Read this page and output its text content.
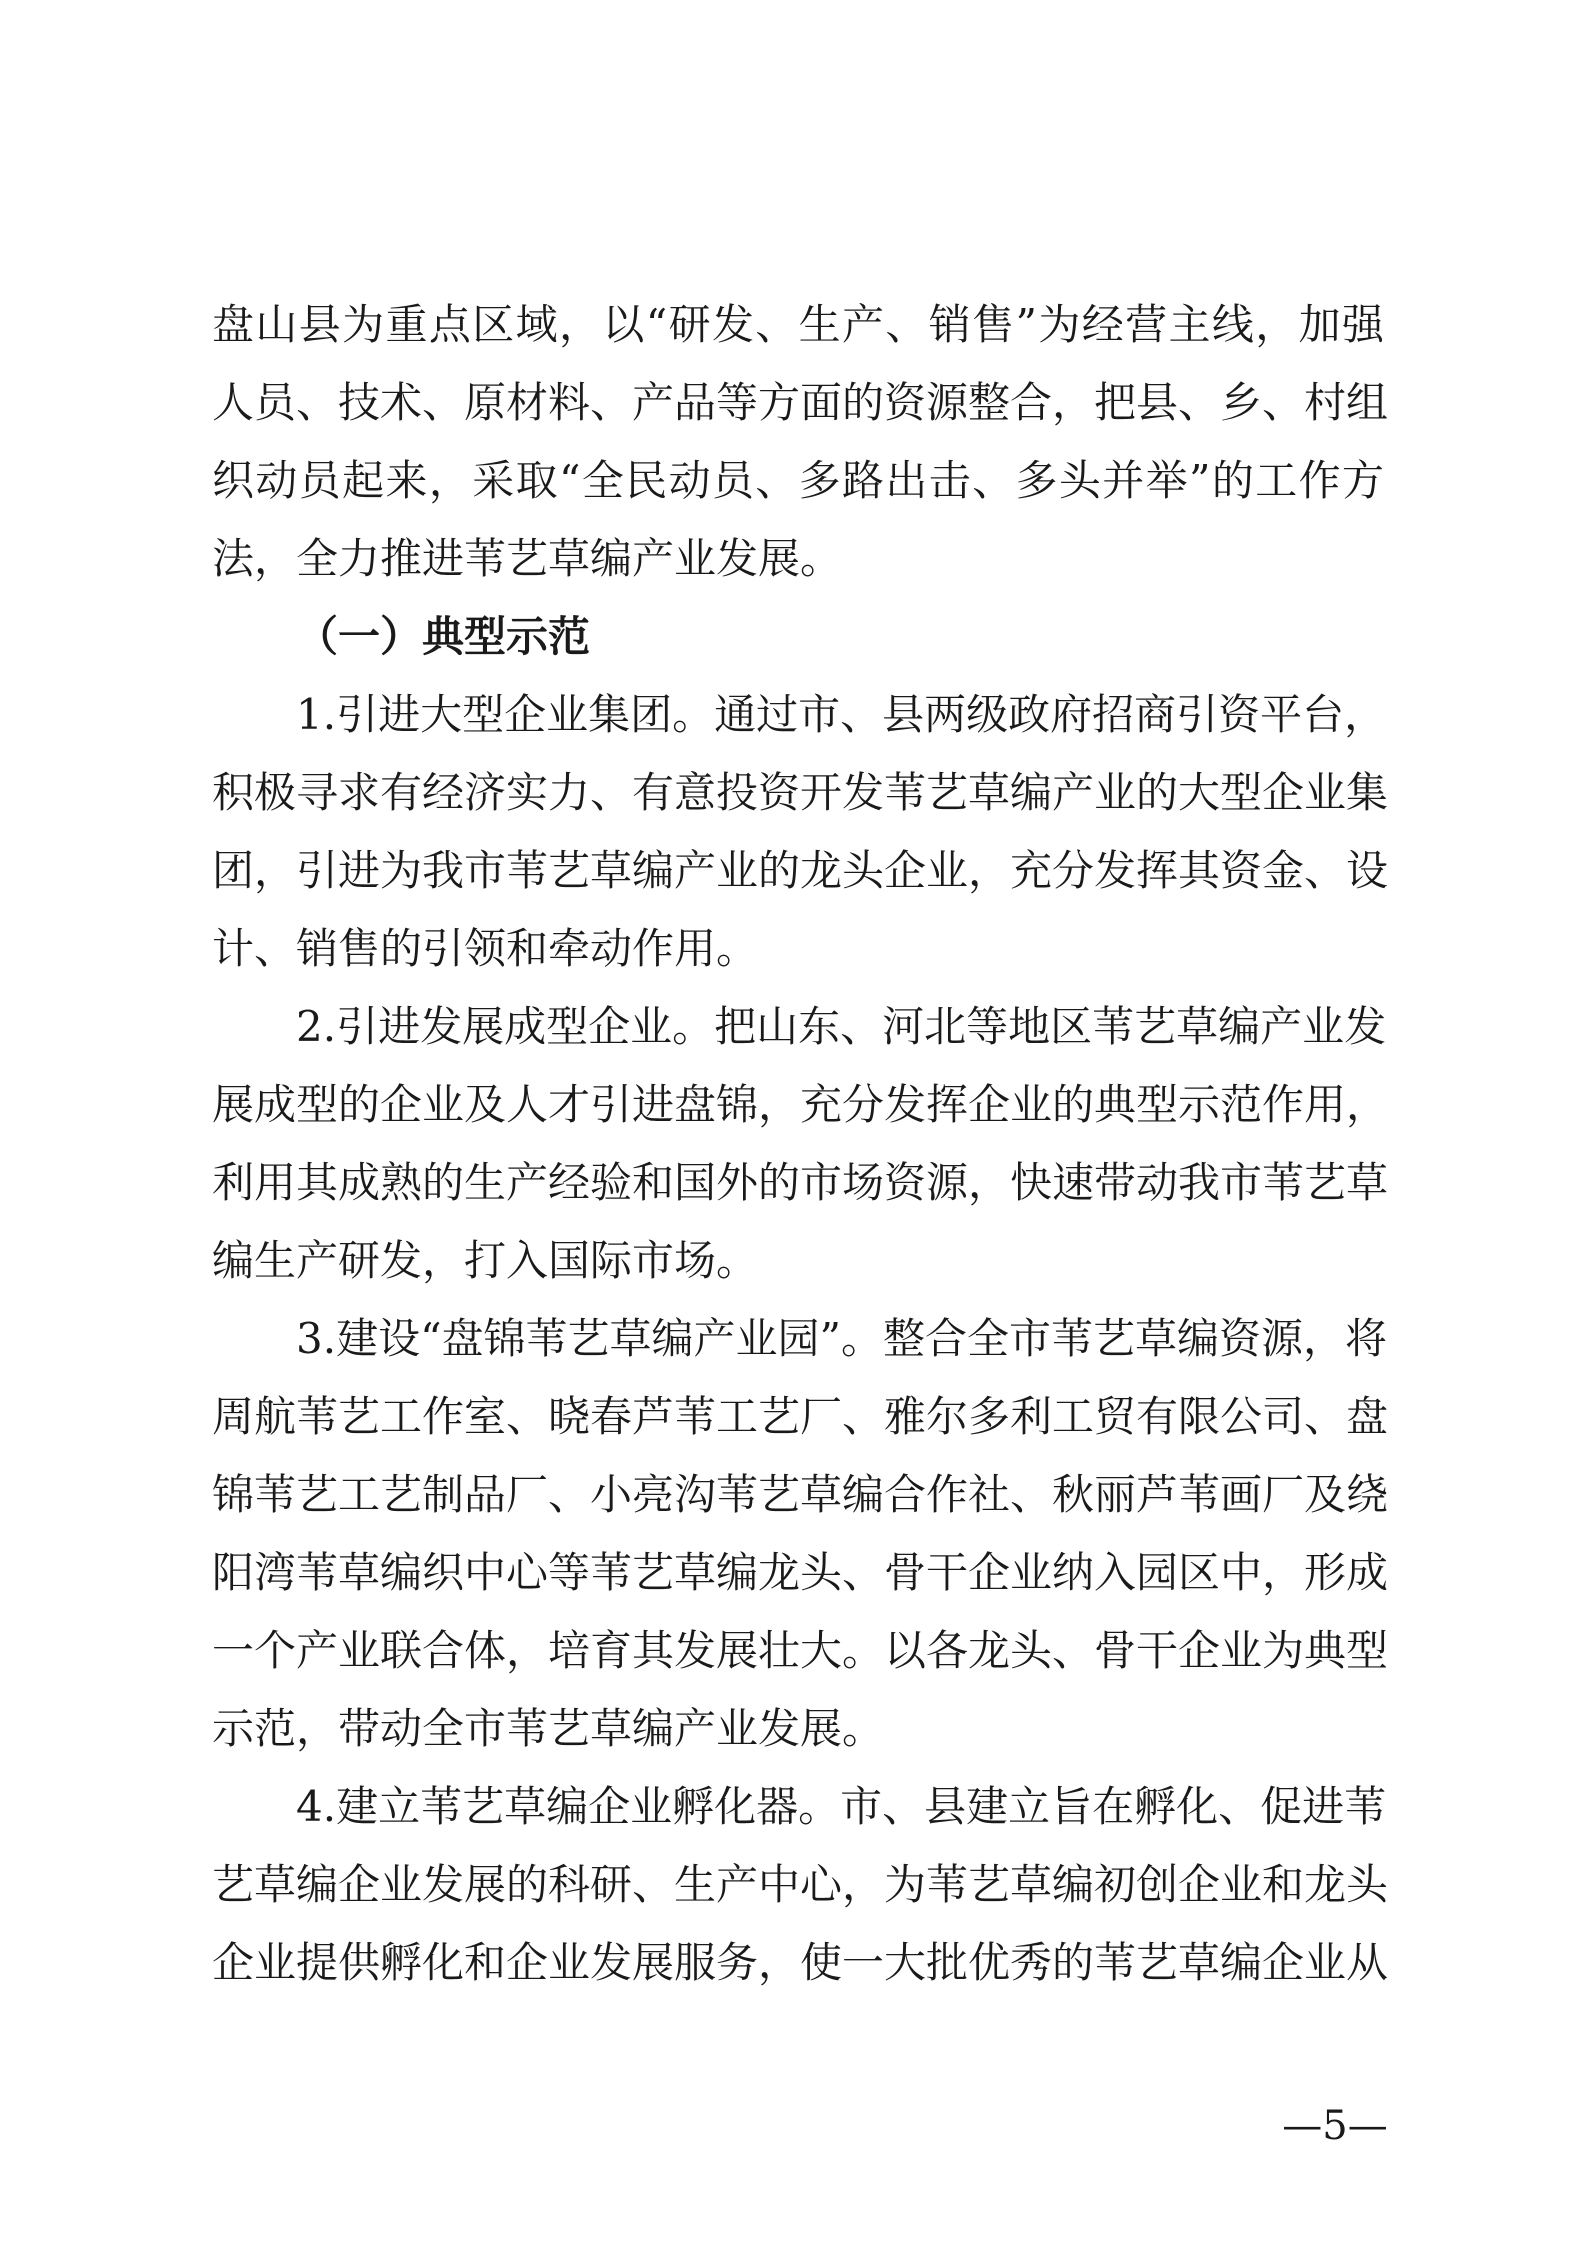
盘山县为重点区域，以“研发、生产、销售”为经营主线，加强
人员、技术、原材料、产品等方面的资源整合，把县、乡、村组
织动员起来，采取“全民动员、多路出击、多头并举”的工作方
法，全力推进苇艺草编产业发展。
（一）典型示范
1.引进大型企业集团。通过市、县两级政府招商引资平台，
积极寻求有经济实力、有意投资开发苇艺草编产业的大型企业集
团，引进为我市苇艺草编产业的龙头企业，充分发挥其资金、设
计、销售的引领和牵动作用。
2.引进发展成型企业。把山东、河北等地区苇艺草编产业发
展成型的企业及人才引进盘锦，充分发挥企业的典型示范作用，
利用其成熟的生产经验和国外的市场资源，快速带动我市苇艺草
编生产研发，打入国际市场。
3.建设“盘锦苇艺草编产业园”。整合全市苇艺草编资源，将
周航苇艺工作室、晓春芦苇工艺厂、雅尔多利工贸有限公司、盘
锦苇艺工艺制品厂、小亮沟苇艺草编合作社、秋丽芦苇画厂及绕
阳湾苇草编织中心等苇艺草编龙头、骨干企业纳入园区中，形成
一个产业联合体，培育其发展壮大。以各龙头、骨干企业为典型
示范，带动全市苇艺草编产业发展。
4.建立苇艺草编企业孵化器。市、县建立旨在孵化、促进苇
艺草编企业发展的科研、生产中心，为苇艺草编初创企业和龙头
企业提供孵化和企业发展服务，使一大批优秀的苇艺草编企业从
—5—
